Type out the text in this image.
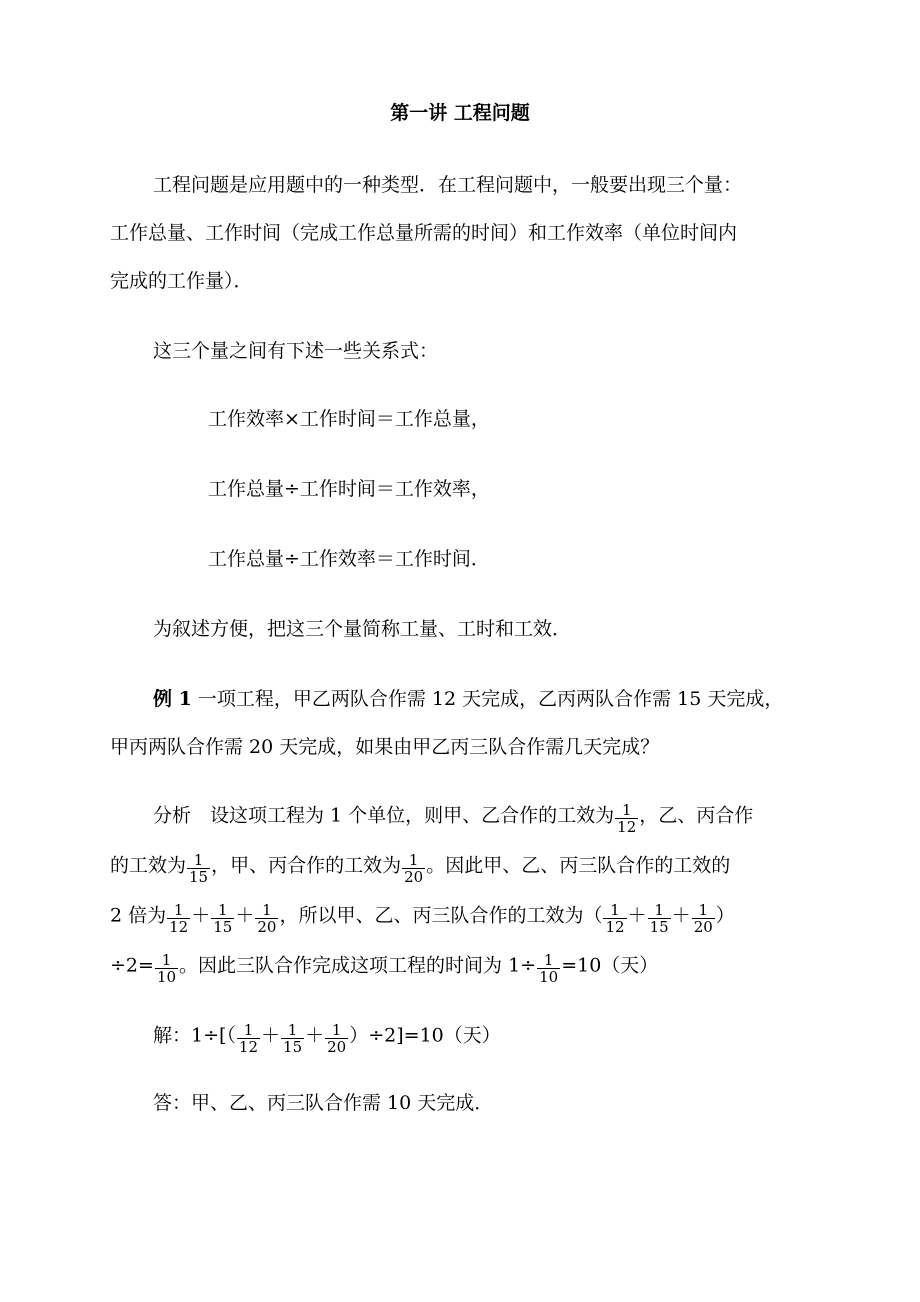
第一讲 工程问题
工程问题是应用题中的一种类型．在工程问题中，一般要出现三个量：
工作总量、工作时间（完成工作总量所需的时间）和工作效率（单位时间内
完成的工作量）．
这三个量之间有下述一些关系式：
工作效率×工作时间＝工作总量，
工作总量÷工作时间＝工作效率，
工作总量÷工作效率＝工作时间．
为叙述方便，把这三个量简称工量、工时和工效．
例 1 一项工程，甲乙两队合作需 12 天完成，乙丙两队合作需 15 天完成，
甲丙两队合作需 20 天完成，如果由甲乙丙三队合作需几天完成？
分析　设这项工程为 1 个单位，则甲、乙合作的工效为 $\frac{1}{12}$ ，乙、丙合作
的工效为 $\frac{1}{15}$ ，甲、丙合作的工效为 $\frac{1}{20}$ 。因此甲、乙、丙三队合作的工效的
2 倍为 $\frac{1}{12} + \frac{1}{15} + \frac{1}{20}$ ，所以甲、乙、丙三队合作的工效为（ $\frac{1}{12} + \frac{1}{15} + \frac{1}{20}$ ）
$\div 2= \frac{1}{10}$ 。因此三队合作完成这项工程的时间为 $1\div \frac{1}{10} =10$（天）
解：$1\div[( \frac{1}{12} + \frac{1}{15} + \frac{1}{20} )\div 2]=10$（天）
答：甲、乙、丙三队合作需 10 天完成．
